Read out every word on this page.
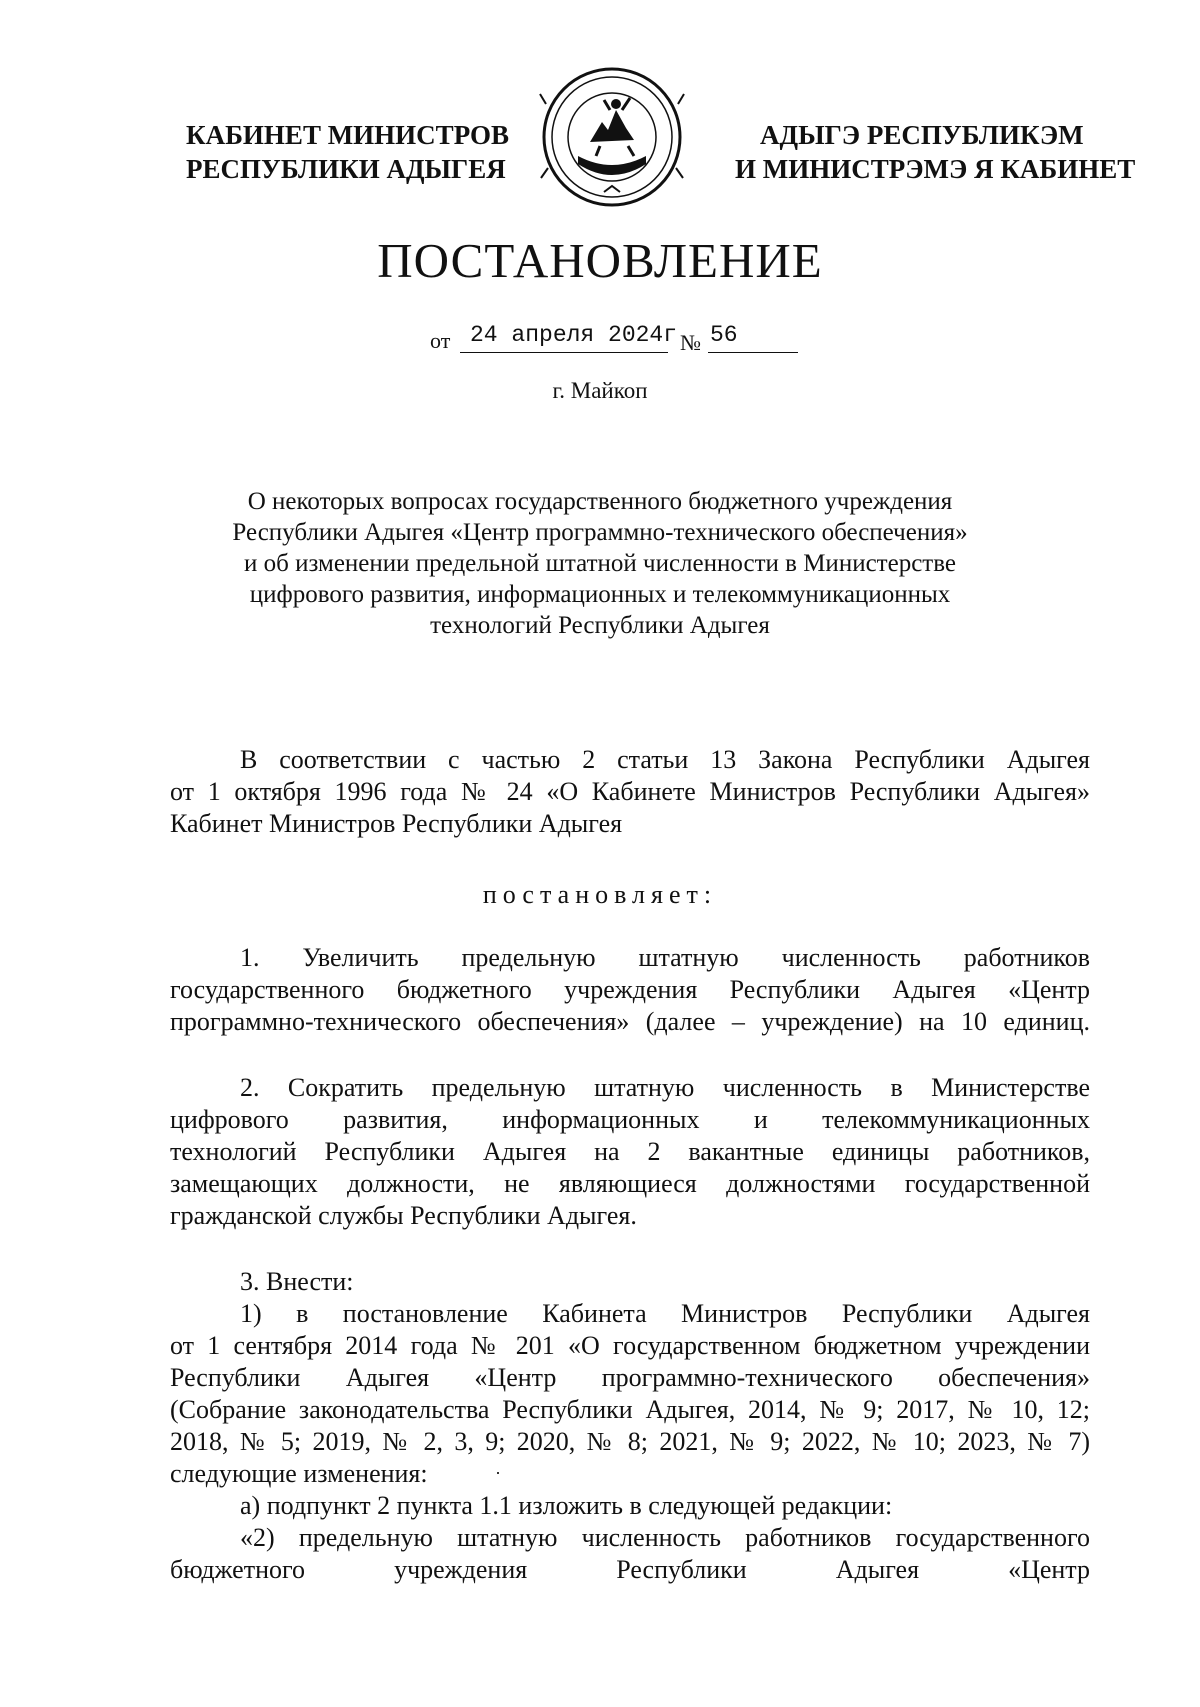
КАБИНЕТ МИНИСТРОВ
РЕСПУБЛИКИ АДЫГЕЯ
АДЫГЭ РЕСПУБЛИКЭМ
И МИНИСТРЭМЭ Я КАБИНЕТ
ПОСТАНОВЛЕНИЕ
от 24 апреля 2024г № 56
г. Майкоп
О некоторых вопросах государственного бюджетного учреждения
Республики Адыгея «Центр программно-технического обеспечения»
и об изменении предельной штатной численности в Министерстве
цифрового развития, информационных и телекоммуникационных
технологий Республики Адыгея
В соответствии с частью 2 статьи 13 Закона Республики Адыгея
от 1 октября 1996 года № 24 «О Кабинете Министров Республики Адыгея»
Кабинет Министров Республики Адыгея
постановляет:
1. Увеличить предельную штатную численность работников
государственного бюджетного учреждения Республики Адыгея «Центр
программно-технического обеспечения» (далее – учреждение) на 10 единиц.
2. Сократить предельную штатную численность в Министерстве
цифрового развития, информационных и телекоммуникационных
технологий Республики Адыгея на 2 вакантные единицы работников,
замещающих должности, не являющиеся должностями государственной
гражданской службы Республики Адыгея.
3. Внести:
1) в постановление Кабинета Министров Республики Адыгея
от 1 сентября 2014 года № 201 «О государственном бюджетном учреждении
Республики Адыгея «Центр программно-технического обеспечения»
(Собрание законодательства Республики Адыгея, 2014, № 9; 2017, № 10, 12;
2018, № 5; 2019, № 2, 3, 9; 2020, № 8; 2021, № 9; 2022, № 10; 2023, № 7)
следующие изменения:
а) подпункт 2 пункта 1.1 изложить в следующей редакции:
«2) предельную штатную численность работников государственного
бюджетного учреждения Республики Адыгея «Центр
